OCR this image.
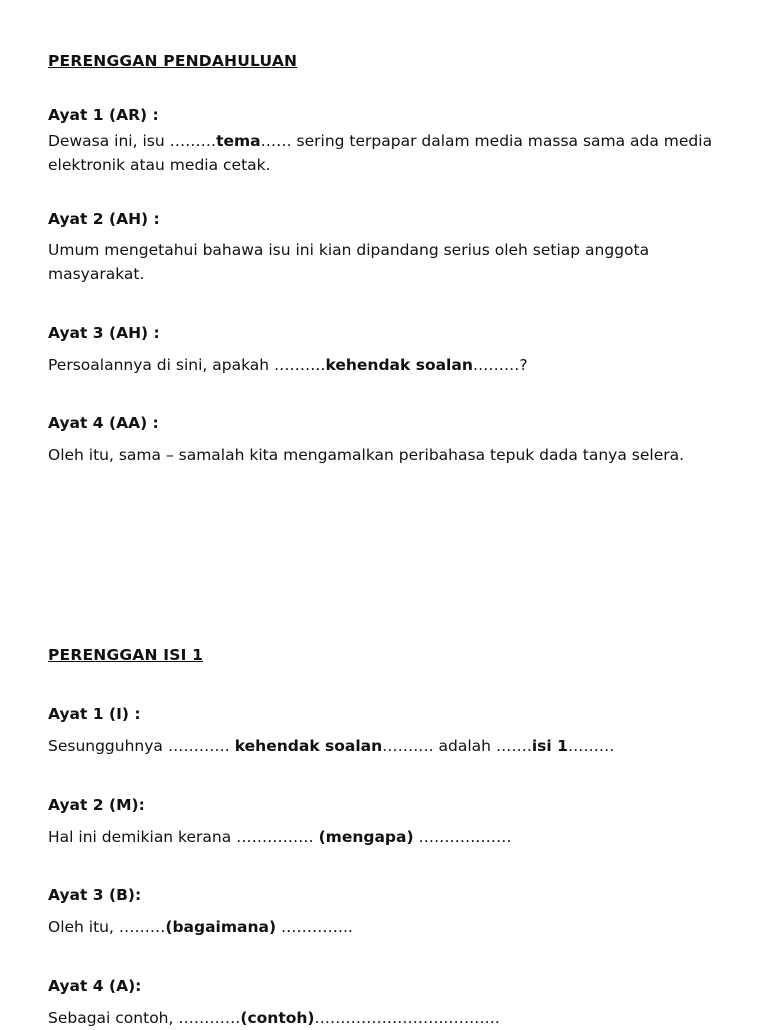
PERENGGAN PENDAHULUAN
Ayat 1 (AR) :
Dewasa ini, isu ………tema…… sering terpapar dalam media massa sama ada media elektronik atau media cetak.
Ayat 2 (AH) :
Umum mengetahui bahawa isu ini kian dipandang serius oleh setiap anggota masyarakat.
Ayat 3 (AH) :
Persoalannya di sini, apakah ……….kehendak soalan………?
Ayat 4 (AA) :
Oleh itu, sama – samalah kita mengamalkan peribahasa tepuk dada tanya selera.
PERENGGAN ISI 1
Ayat 1 (I) :
Sesungguhnya ………… kehendak soalan………. adalah …….isi 1………
Ayat 2 (M):
Hal ini demikian kerana …………… (mengapa) ………………
Ayat 3 (B):
Oleh itu, ………(bagaimana) …………..
Ayat 4 (A):
Sebagai contoh, …………(contoh)……………………..……….
